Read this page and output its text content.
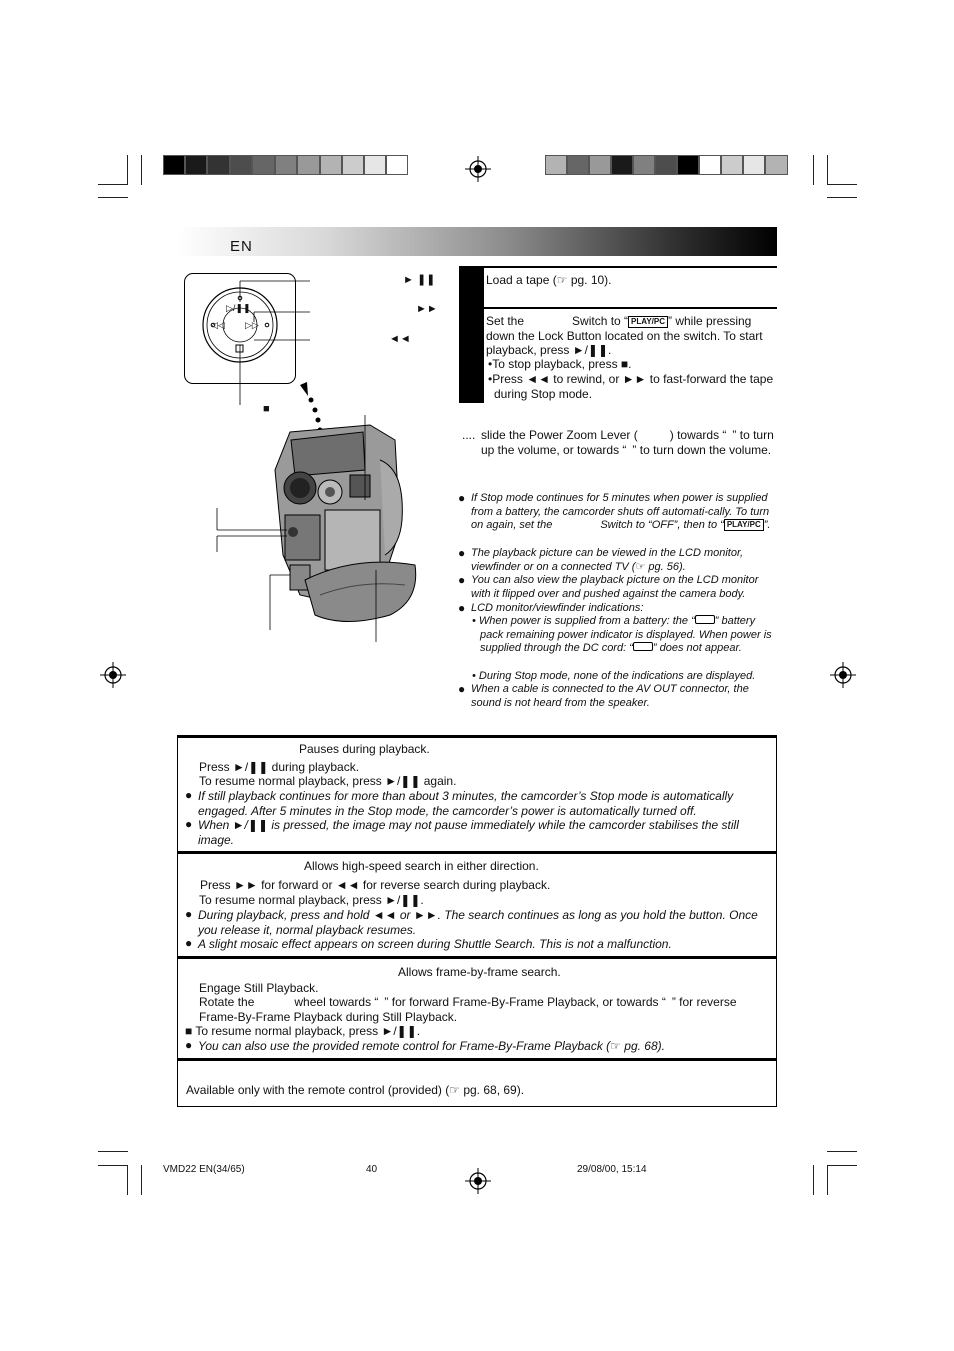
EN
▷/❚❚
◁◁ ▷▷
► ❚❚
►►
◄◄
■
Load a tape (☞ pg. 10).
Set the	Switch to “ PLAY/PC ” while pressing down the Lock Button located on the switch. To start playback, press ►/❚❚.
•To stop playback, press ■.
•Press ◄◄ to rewind, or ►► to fast-forward the tape during Stop mode.
.... slide the Power Zoom Lever (	) towards “ ” to turn up the volume, or towards “ ” to turn down the volume.
● If Stop mode continues for 5 minutes when power is supplied from a battery, the camcorder shuts off automati-cally. To turn on again, set the	Switch to “OFF”, then to “ PLAY/PC ”.
● The playback picture can be viewed in the LCD monitor, viewfinder or on a connected TV (☞ pg. 56).
● You can also view the playback picture on the LCD monitor with it flipped over and pushed against the camera body.
● LCD monitor/viewfinder indications:
• When power is supplied from a battery: the “ ” battery pack remaining power indicator is displayed. When power is supplied through the DC cord: “ ” does not appear.
• During Stop mode, none of the indications are displayed.
● When a cable is connected to the AV OUT connector, the sound is not heard from the speaker.

Pauses during playback.

Press ►/❚❚ during playback.

To resume normal playback, press ►/❚❚ again.

● If still playback continues for more than about 3 minutes, the camcorder’s Stop mode is automatically engaged. After 5 minutes in the Stop mode, the camcorder’s power is automatically turned off.

● When ►/❚❚ is pressed, the image may not pause immediately while the camcorder stabilises the still image.

Allows high-speed search in either direction.

Press ►► for forward or ◄◄ for reverse search during playback.

To resume normal playback, press ►/❚❚.

● During playback, press and hold ◄◄ or ►►. The search continues as long as you hold the button. Once you release it, normal playback resumes.

● A slight mosaic effect appears on screen during Shuttle Search. This is not a malfunction.

Allows frame-by-frame search.

Engage Still Playback.

Rotate the	wheel towards “ ” for forward Frame-By-Frame Playback, or towards “ ” for reverse Frame-By-Frame Playback during Still Playback.

■ To resume normal playback, press ►/❚❚.

● You can also use the provided remote control for Frame-By-Frame Playback (☞ pg. 68).

Available only with the remote control (provided) (☞ pg. 68, 69).

VMD22 EN(34/65)	40	29/08/00, 15:14
